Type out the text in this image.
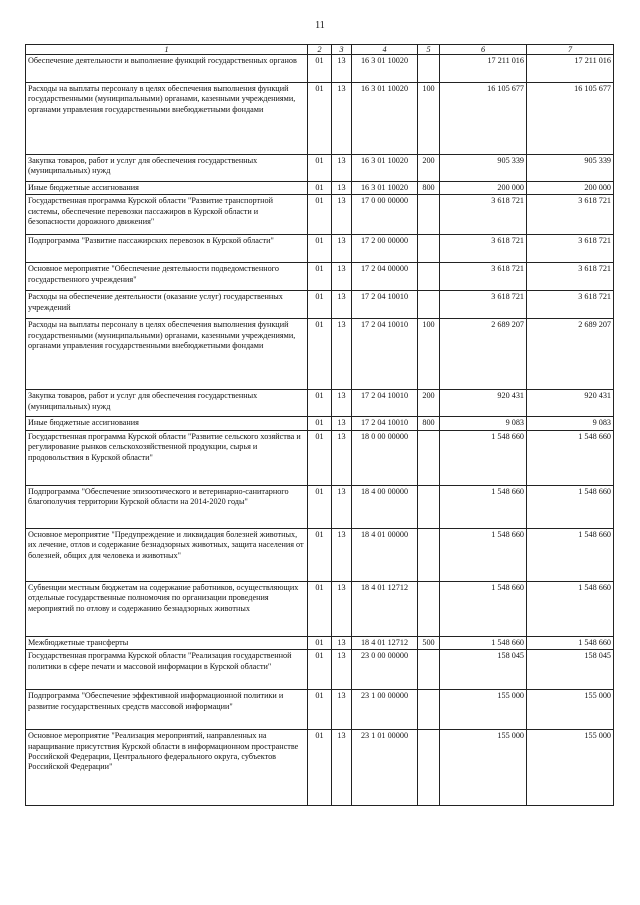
11
1	2	3	4	5	6	7
Обеспечение деятельности и выполнение функций государственных органов	01	13	16 3 01 10020		17 211 016	17 211 016
Расходы на выплаты персоналу в целях обеспечения выполнения функций государственными (муниципальными) органами, казенными учреждениями, органами управления государственными внебюджетными фондами	01	13	16 3 01 10020	100	16 105 677	16 105 677
Закупка товаров, работ и услуг для обеспечения государственных (муниципальных) нужд	01	13	16 3 01 10020	200	905 339	905 339
Иные бюджетные ассигнования	01	13	16 3 01 10020	800	200 000	200 000
Государственная программа Курской области "Развитие транспортной системы, обеспечение перевозки пассажиров в Курской области и безопасности дорожного движения"	01	13	17 0 00 00000		3 618 721	3 618 721
Подпрограмма "Развитие пассажирских перевозок в Курской области"	01	13	17 2 00 00000		3 618 721	3 618 721
Основное мероприятие "Обеспечение деятельности подведомственного государственного учреждения"	01	13	17 2 04 00000		3 618 721	3 618 721
Расходы на обеспечение деятельности (оказание услуг) государственных учреждений	01	13	17 2 04 10010		3 618 721	3 618 721
Расходы на выплаты персоналу в целях обеспечения выполнения функций государственными (муниципальными) органами, казенными учреждениями, органами управления государственными внебюджетными фондами	01	13	17 2 04 10010	100	2 689 207	2 689 207
Закупка товаров, работ и услуг для обеспечения государственных (муниципальных) нужд	01	13	17 2 04 10010	200	920 431	920 431
Иные бюджетные ассигнования	01	13	17 2 04 10010	800	9 083	9 083
Государственная программа Курской области "Развитие сельского хозяйства и регулирование рынков сельскохозяйственной продукции, сырья и продовольствия в Курской области"	01	13	18 0 00 00000		1 548 660	1 548 660
Подпрограмма "Обеспечение эпизоотического и ветеринарно-санитарного благополучия территории Курской области на 2014-2020 годы"	01	13	18 4 00 00000		1 548 660	1 548 660
Основное мероприятие "Предупреждение и ликвидация болезней животных, их лечение, отлов и содержание безнадзорных животных, защита населения от болезней, общих для человека и животных"	01	13	18 4 01 00000		1 548 660	1 548 660
Субвенции местным бюджетам на содержание работников, осуществляющих отдельные государственные полномочия по организации проведения мероприятий по отлову и содержанию безнадзорных животных	01	13	18 4 01 12712		1 548 660	1 548 660
Межбюджетные трансферты	01	13	18 4 01 12712	500	1 548 660	1 548 660
Государственная программа Курской области "Реализация государственной политики в сфере печати и массовой информации в Курской области"	01	13	23 0 00 00000		158 045	158 045
Подпрограмма "Обеспечение эффективной информационной политики и развитие государственных средств массовой информации"	01	13	23 1 00 00000		155 000	155 000
Основное мероприятие "Реализация мероприятий, направленных на наращивание присутствия Курской области в информационном пространстве Российской Федерации, Центрального федерального округа, субъектов Российской Федерации"	01	13	23 1 01 00000		155 000	155 000
